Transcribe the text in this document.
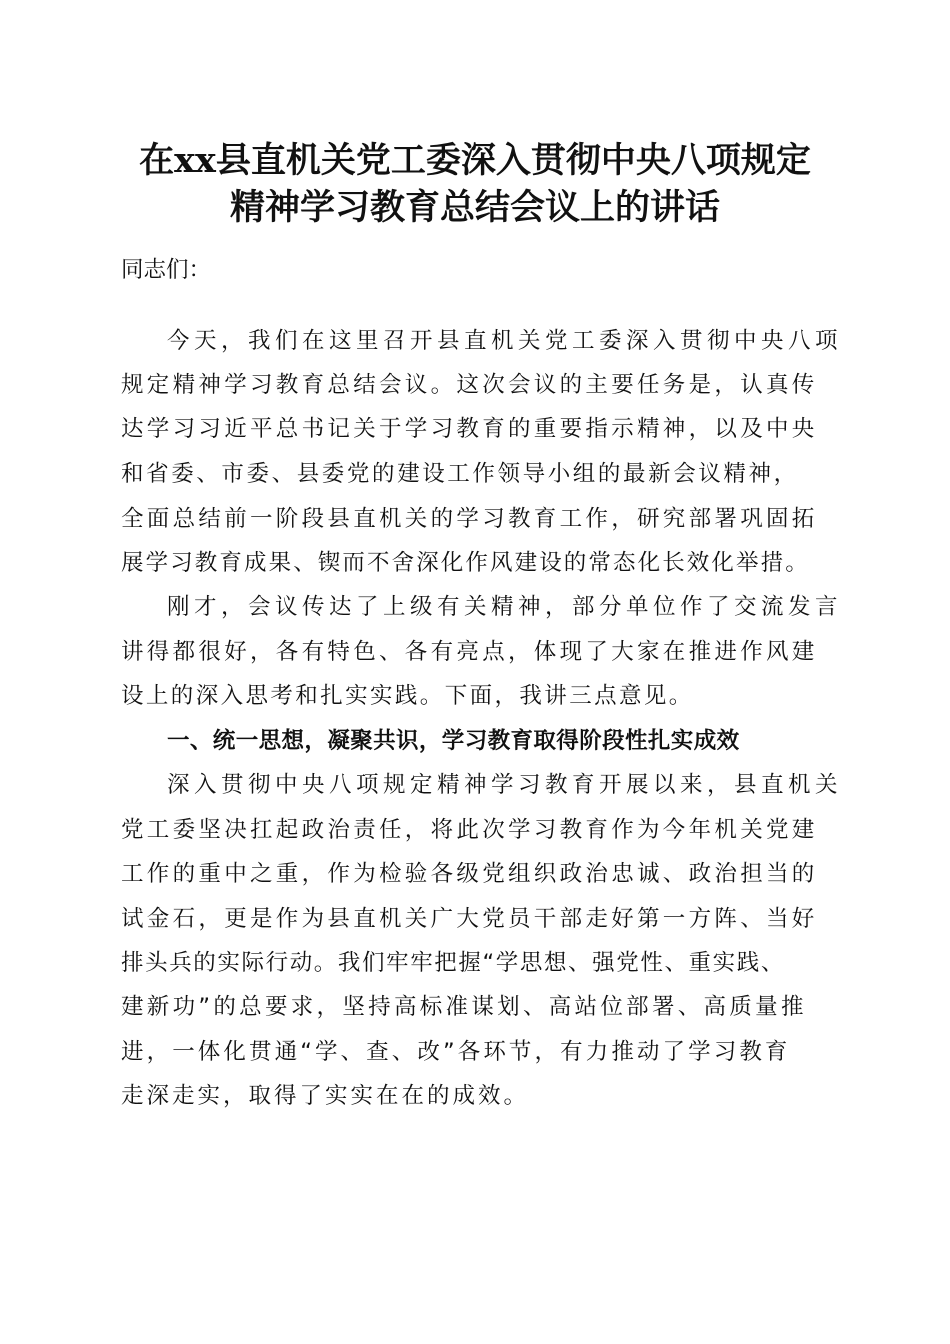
在xx县直机关党工委深入贯彻中央八项规定
精神学习教育总结会议上的讲话
同志们：
今天，我们在这里召开县直机关党工委深入贯彻中央八项
规定精神学习教育总结会议。这次会议的主要任务是，认真传
达学习习近平总书记关于学习教育的重要指示精神，以及中央
和省委、市委、县委党的建设工作领导小组的最新会议精神，
全面总结前一阶段县直机关的学习教育工作，研究部署巩固拓
展学习教育成果、锲而不舍深化作风建设的常态化长效化举措。
刚才，会议传达了上级有关精神，部分单位作了交流发言
讲得都很好，各有特色、各有亮点，体现了大家在推进作风建
设上的深入思考和扎实实践。下面，我讲三点意见。
一、统一思想，凝聚共识，学习教育取得阶段性扎实成效
深入贯彻中央八项规定精神学习教育开展以来，县直机关
党工委坚决扛起政治责任，将此次学习教育作为今年机关党建
工作的重中之重，作为检验各级党组织政治忠诚、政治担当的
试金石，更是作为县直机关广大党员干部走好第一方阵、当好
排头兵的实际行动。我们牢牢把握“学思想、强党性、重实践、
建新功”的总要求，坚持高标准谋划、高站位部署、高质量推
进，一体化贯通“学、查、改”各环节，有力推动了学习教育
走深走实，取得了实实在在的成效。
